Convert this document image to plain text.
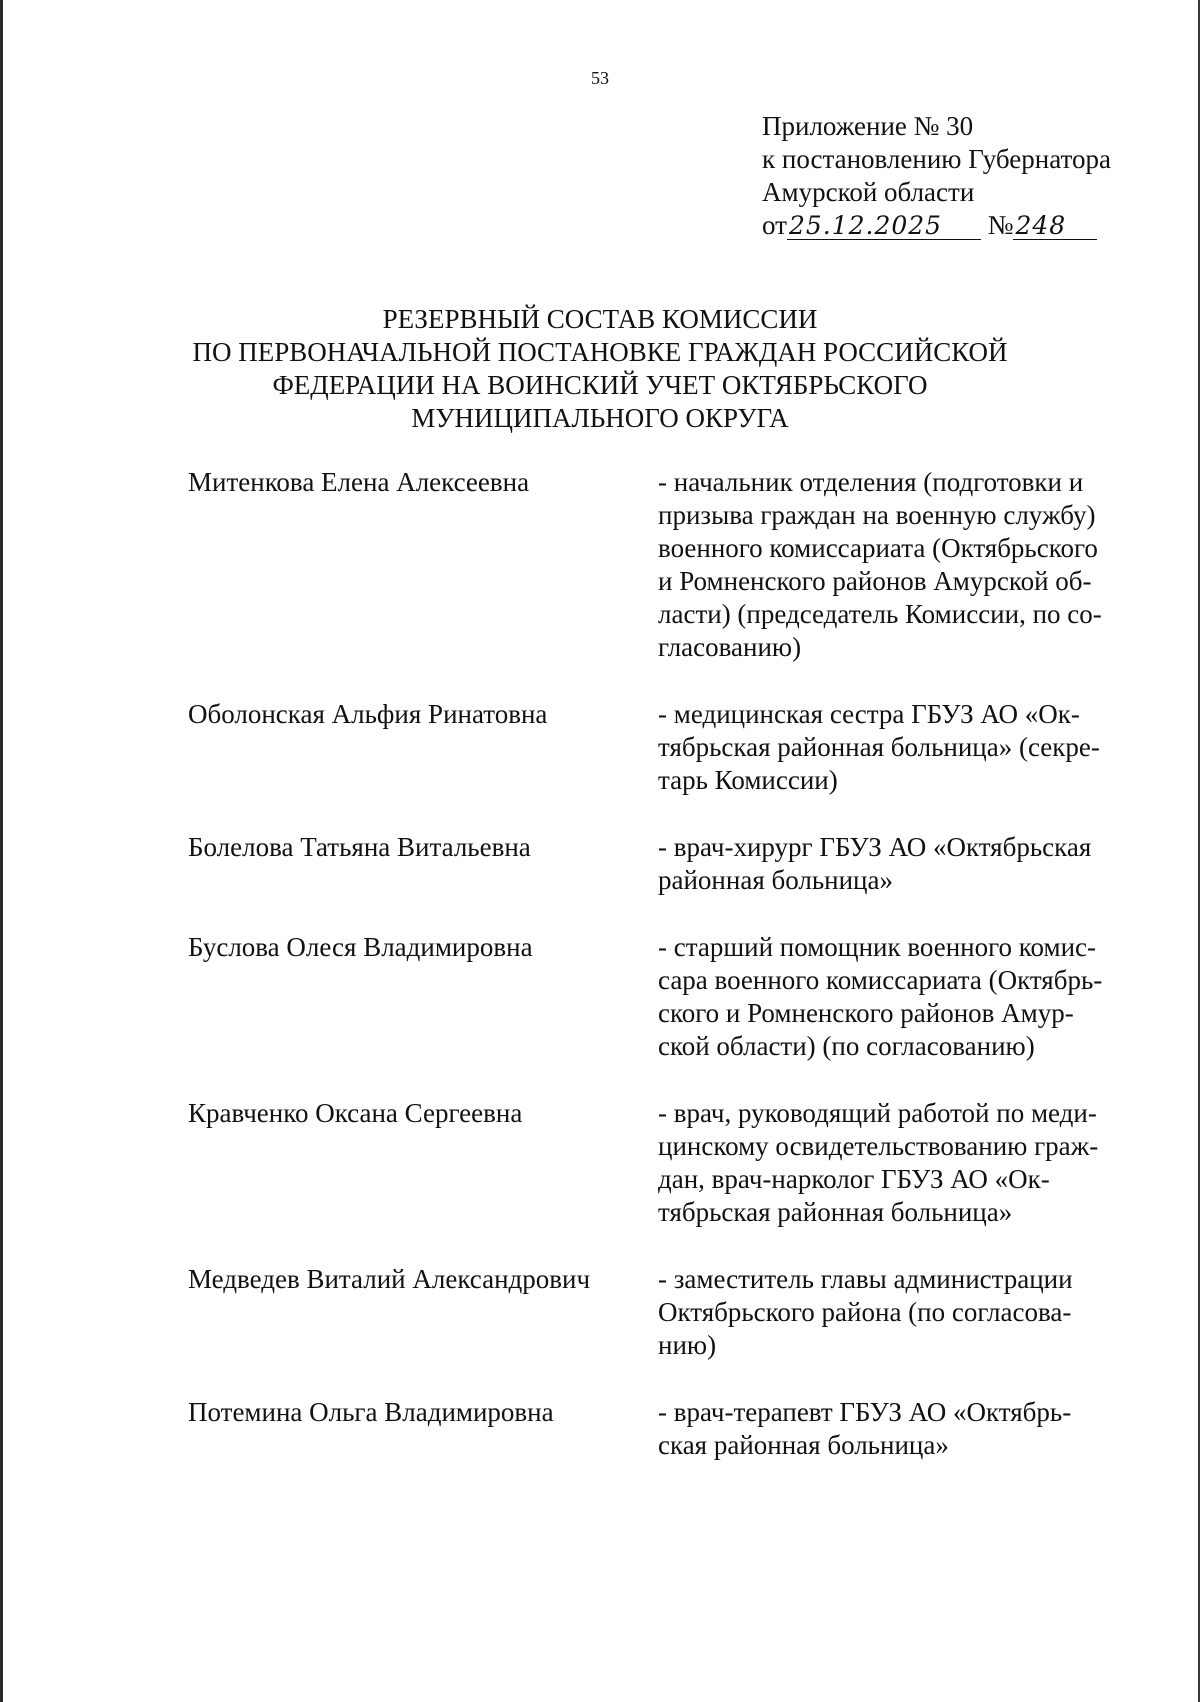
53
Приложение № 30
к постановлению Губернатора
Амурской области
от25.12.2025 №248
РЕЗЕРВНЫЙ СОСТАВ КОМИССИИ
ПО ПЕРВОНАЧАЛЬНОЙ ПОСТАНОВКЕ ГРАЖДАН РОССИЙСКОЙ
ФЕДЕРАЦИИ НА ВОИНСКИЙ УЧЕТ ОКТЯБРЬСКОГО
МУНИЦИПАЛЬНОГО ОКРУГА
Митенкова Елена Алексеевна	- начальник отделения (подготовки и
призыва граждан на военную службу)
военного комиссариата (Октябрьского
и Ромненского районов Амурской об-
ласти) (председатель Комиссии, по со-
гласованию)
Оболонская Альфия Ринатовна	- медицинская сестра ГБУЗ АО «Ок-
тябрьская районная больница» (секре-
тарь Комиссии)
Болелова Татьяна Витальевна	- врач-хирург ГБУЗ АО «Октябрьская
районная больница»
Буслова Олеся Владимировна	- старший помощник военного комис-
сара военного комиссариата (Октябрь-
ского и Ромненского районов Амур-
ской области) (по согласованию)
Кравченко Оксана Сергеевна	- врач, руководящий работой по меди-
цинскому освидетельствованию граж-
дан, врач-нарколог ГБУЗ АО «Ок-
тябрьская районная больница»
Медведев Виталий Александрович	- заместитель главы администрации
Октябрьского района (по согласова-
нию)
Потемина Ольга Владимировна	- врач-терапевт ГБУЗ АО «Октябрь-
ская районная больница»
